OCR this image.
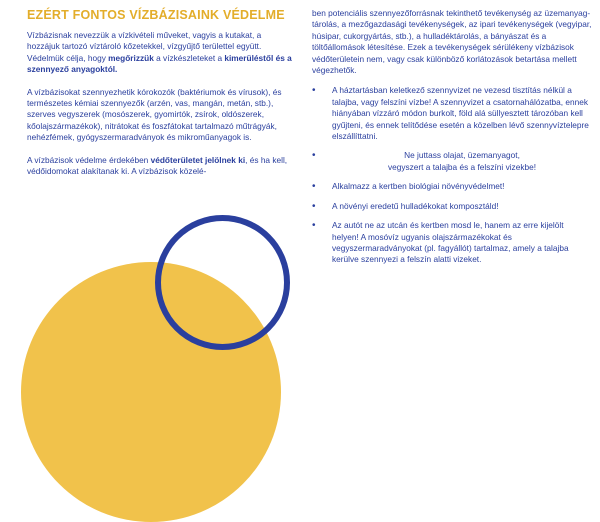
EZÉRT FONTOS VÍZBÁZISAINK VÉDELME

Vízbázisnak nevezzük a vízkivételi műveket, vagyis a kutakat, a hozzájuk tartozó víztároló kőzetekkel, vízgyűjtő területtel együtt. Védelmük célja, hogy megőrizzük a vízkészleteket a kimerüléstől és a szennyező anyagoktól.

A vízbázisokat szennyezhetik kórokozók (baktériumok és vírusok), és természetes kémiai szennyezők (arzén, vas, mangán, metán, stb.), szerves vegyszerek (mosószerek, gyomirtók, zsírok, oldószerek, kőolajszármazékok), nitrátokat és foszfátokat tartalmazó műtrágyák, nehézfémek, gyógyszermaradványok és mikroműanyagok is.

A vízbázisok védelme érdekében védőterületet jelölnek ki, és ha kell, védőidomokat alakítanak ki. A vízbázisok közelé-

ben potenciális szennyezőforrásnak tekinthető tevékenység az üzemanyag-tárolás, a mezőgazdasági tevékenységek, az ipari tevékenységek (vegyipar, húsipar, cukorgyártás, stb.), a hulladéktárolás, a bányászat és a töltőállomások létesítése. Ezek a tevékenységek sérülékeny vízbázisok védőterületein nem, vagy csak különböző korlátozások betartása mellett végezhetők.

• A háztartásban keletkező szennyvizet ne vezesd tisztítás nélkül a talajba, vagy felszíni vízbe! A szennyvizet a csatornahálózatba, ennek hiányában vízzáró módon burkolt, föld alá süllyesztett tározóban kell gyűjteni, és ennek telítődése esetén a közelben lévő szennyvíztelepre elszállíttatni.
• Ne juttass olajat, üzemanyagot,
vegyszert a talajba és a felszíni vizekbe!
• Alkalmazz a kertben biológiai növényvédelmet!
• A növényi eredetű hulladékokat komposztáld!
• Az autót ne az utcán és kertben mosd le, hanem az erre kijelölt helyen! A mosóvíz ugyanis olajszármazékokat és vegyszermaradványokat (pl. fagyállót) tartalmaz, amely a talajba kerülve szennyezi a felszín alatti vizeket.
